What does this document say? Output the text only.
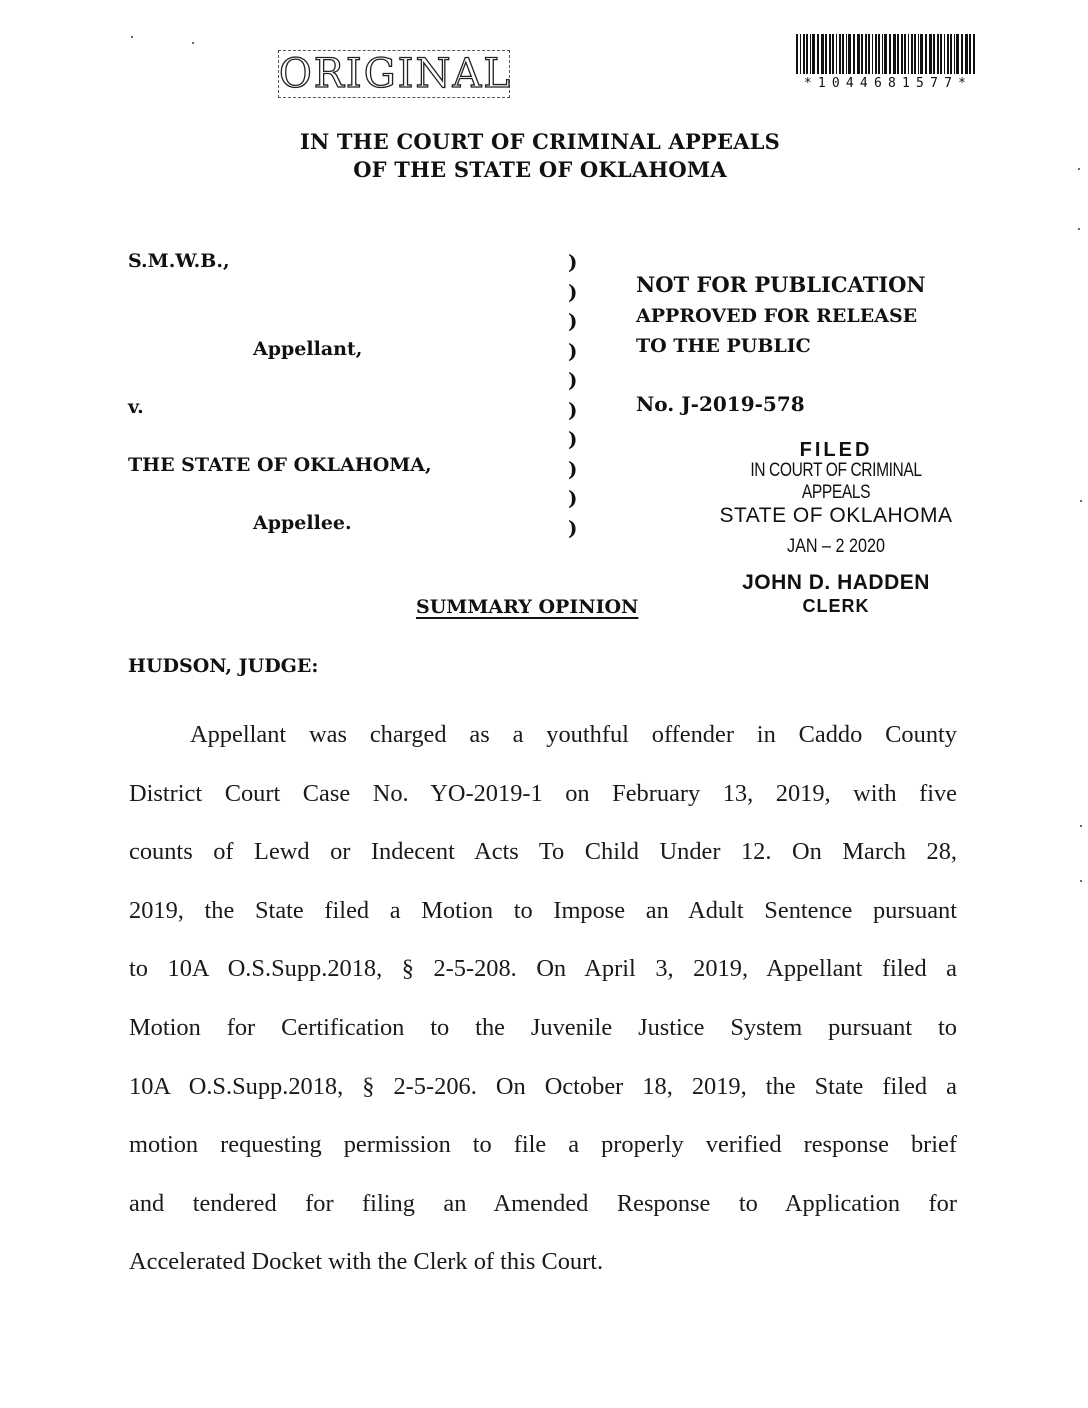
ORIGINAL	*1044681577*
IN THE COURT OF CRIMINAL APPEALS
OF THE STATE OF OKLAHOMA
S.M.W.B.,
Appellant,
v.
THE STATE OF OKLAHOMA,
Appellee.
)
)
)
)
)
)
)
)
)
)
NOT FOR PUBLICATION
APPROVED FOR RELEASE
TO THE PUBLIC
No. J-2019-578
FILED
IN COURT OF CRIMINAL APPEALS
STATE OF OKLAHOMA
JAN – 2 2020
JOHN D. HADDEN
CLERK
SUMMARY OPINION
HUDSON, JUDGE:
Appellant was charged as a youthful offender in Caddo County
District Court Case No. YO-2019-1 on February 13, 2019, with five
counts of Lewd or Indecent Acts To Child Under 12. On March 28,
2019, the State filed a Motion to Impose an Adult Sentence pursuant
to 10A O.S.Supp.2018, § 2-5-208. On April 3, 2019, Appellant filed a
Motion for Certification to the Juvenile Justice System pursuant to
10A O.S.Supp.2018, § 2-5-206. On October 18, 2019, the State filed a
motion requesting permission to file a properly verified response brief
and tendered for filing an Amended Response to Application for
Accelerated Docket with the Clerk of this Court.
